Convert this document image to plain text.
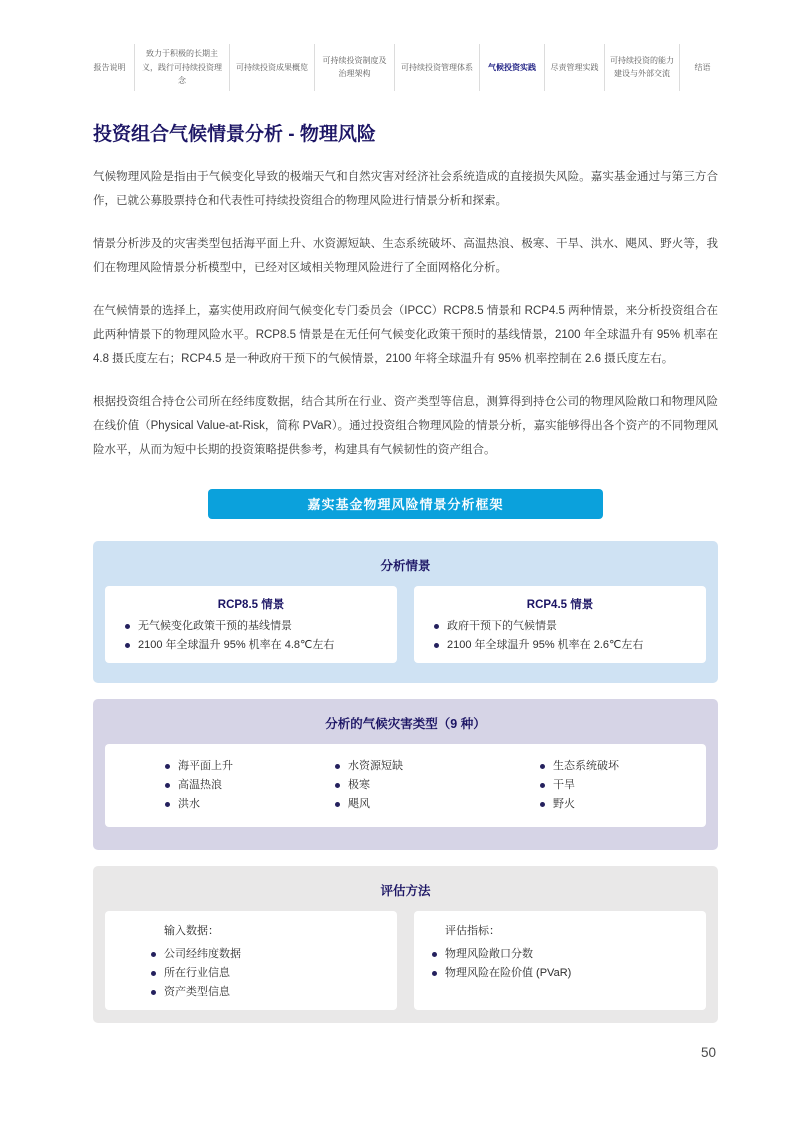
报告说明
致力于积极的长期主义，践行可持续投资理念
可持续投资成果概览
可持续投资制度及治理架构
可持续投资管理体系	气候投资实践	尽责管理实践
可持续投资的能力建设与外部交流
结语
投资组合气候情景分析 - 物理风险

气候物理风险是指由于气候变化导致的极端天气和自然灾害对经济社会系统造成的直接损失风险。嘉实基金通过与第三方合作，已就公募股票持仓和代表性可持续投资组合的物理风险进行情景分析和探索。

情景分析涉及的灾害类型包括海平面上升、水资源短缺、生态系统破坏、高温热浪、极寒、干旱、洪水、飓风、野火等，我们在物理风险情景分析模型中，已经对区域相关物理风险进行了全面网格化分析。

在气候情景的选择上，嘉实使用政府间气候变化专门委员会（IPCC）RCP8.5 情景和 RCP4.5 两种情景，来分析投资组合在此两种情景下的物理风险水平。RCP8.5 情景是在无任何气候变化政策干预时的基线情景，2100 年全球温升有 95% 机率在 4.8 摄氏度左右；RCP4.5 是一种政府干预下的气候情景，2100 年将全球温升有 95% 机率控制在 2.6 摄氏度左右。

根据投资组合持仓公司所在经纬度数据，结合其所在行业、资产类型等信息，测算得到持仓公司的物理风险敞口和物理风险在线价值（Physical Value-at-Risk，简称 PVaR）。通过投资组合物理风险的情景分析，嘉实能够得出各个资产的不同物理风险水平，从而为短中长期的投资策略提供参考，构建具有气候韧性的资产组合。

嘉实基金物理风险情景分析框架
分析情景
RCP8.5 情景
无气候变化政策干预的基线情景
2100 年全球温升 95% 机率在 4.8℃左右
RCP4.5 情景
政府干预下的气候情景
2100 年全球温升 95% 机率在 2.6℃左右
分析的气候灾害类型（9 种）
海平面上升
高温热浪
洪水
水资源短缺
极寒
飓风
生态系统破坏
干旱
野火
评估方法
输入数据：
公司经纬度数据
所在行业信息
资产类型信息
评估指标：
物理风险敞口分数
物理风险在险价值 (PVaR)
50
